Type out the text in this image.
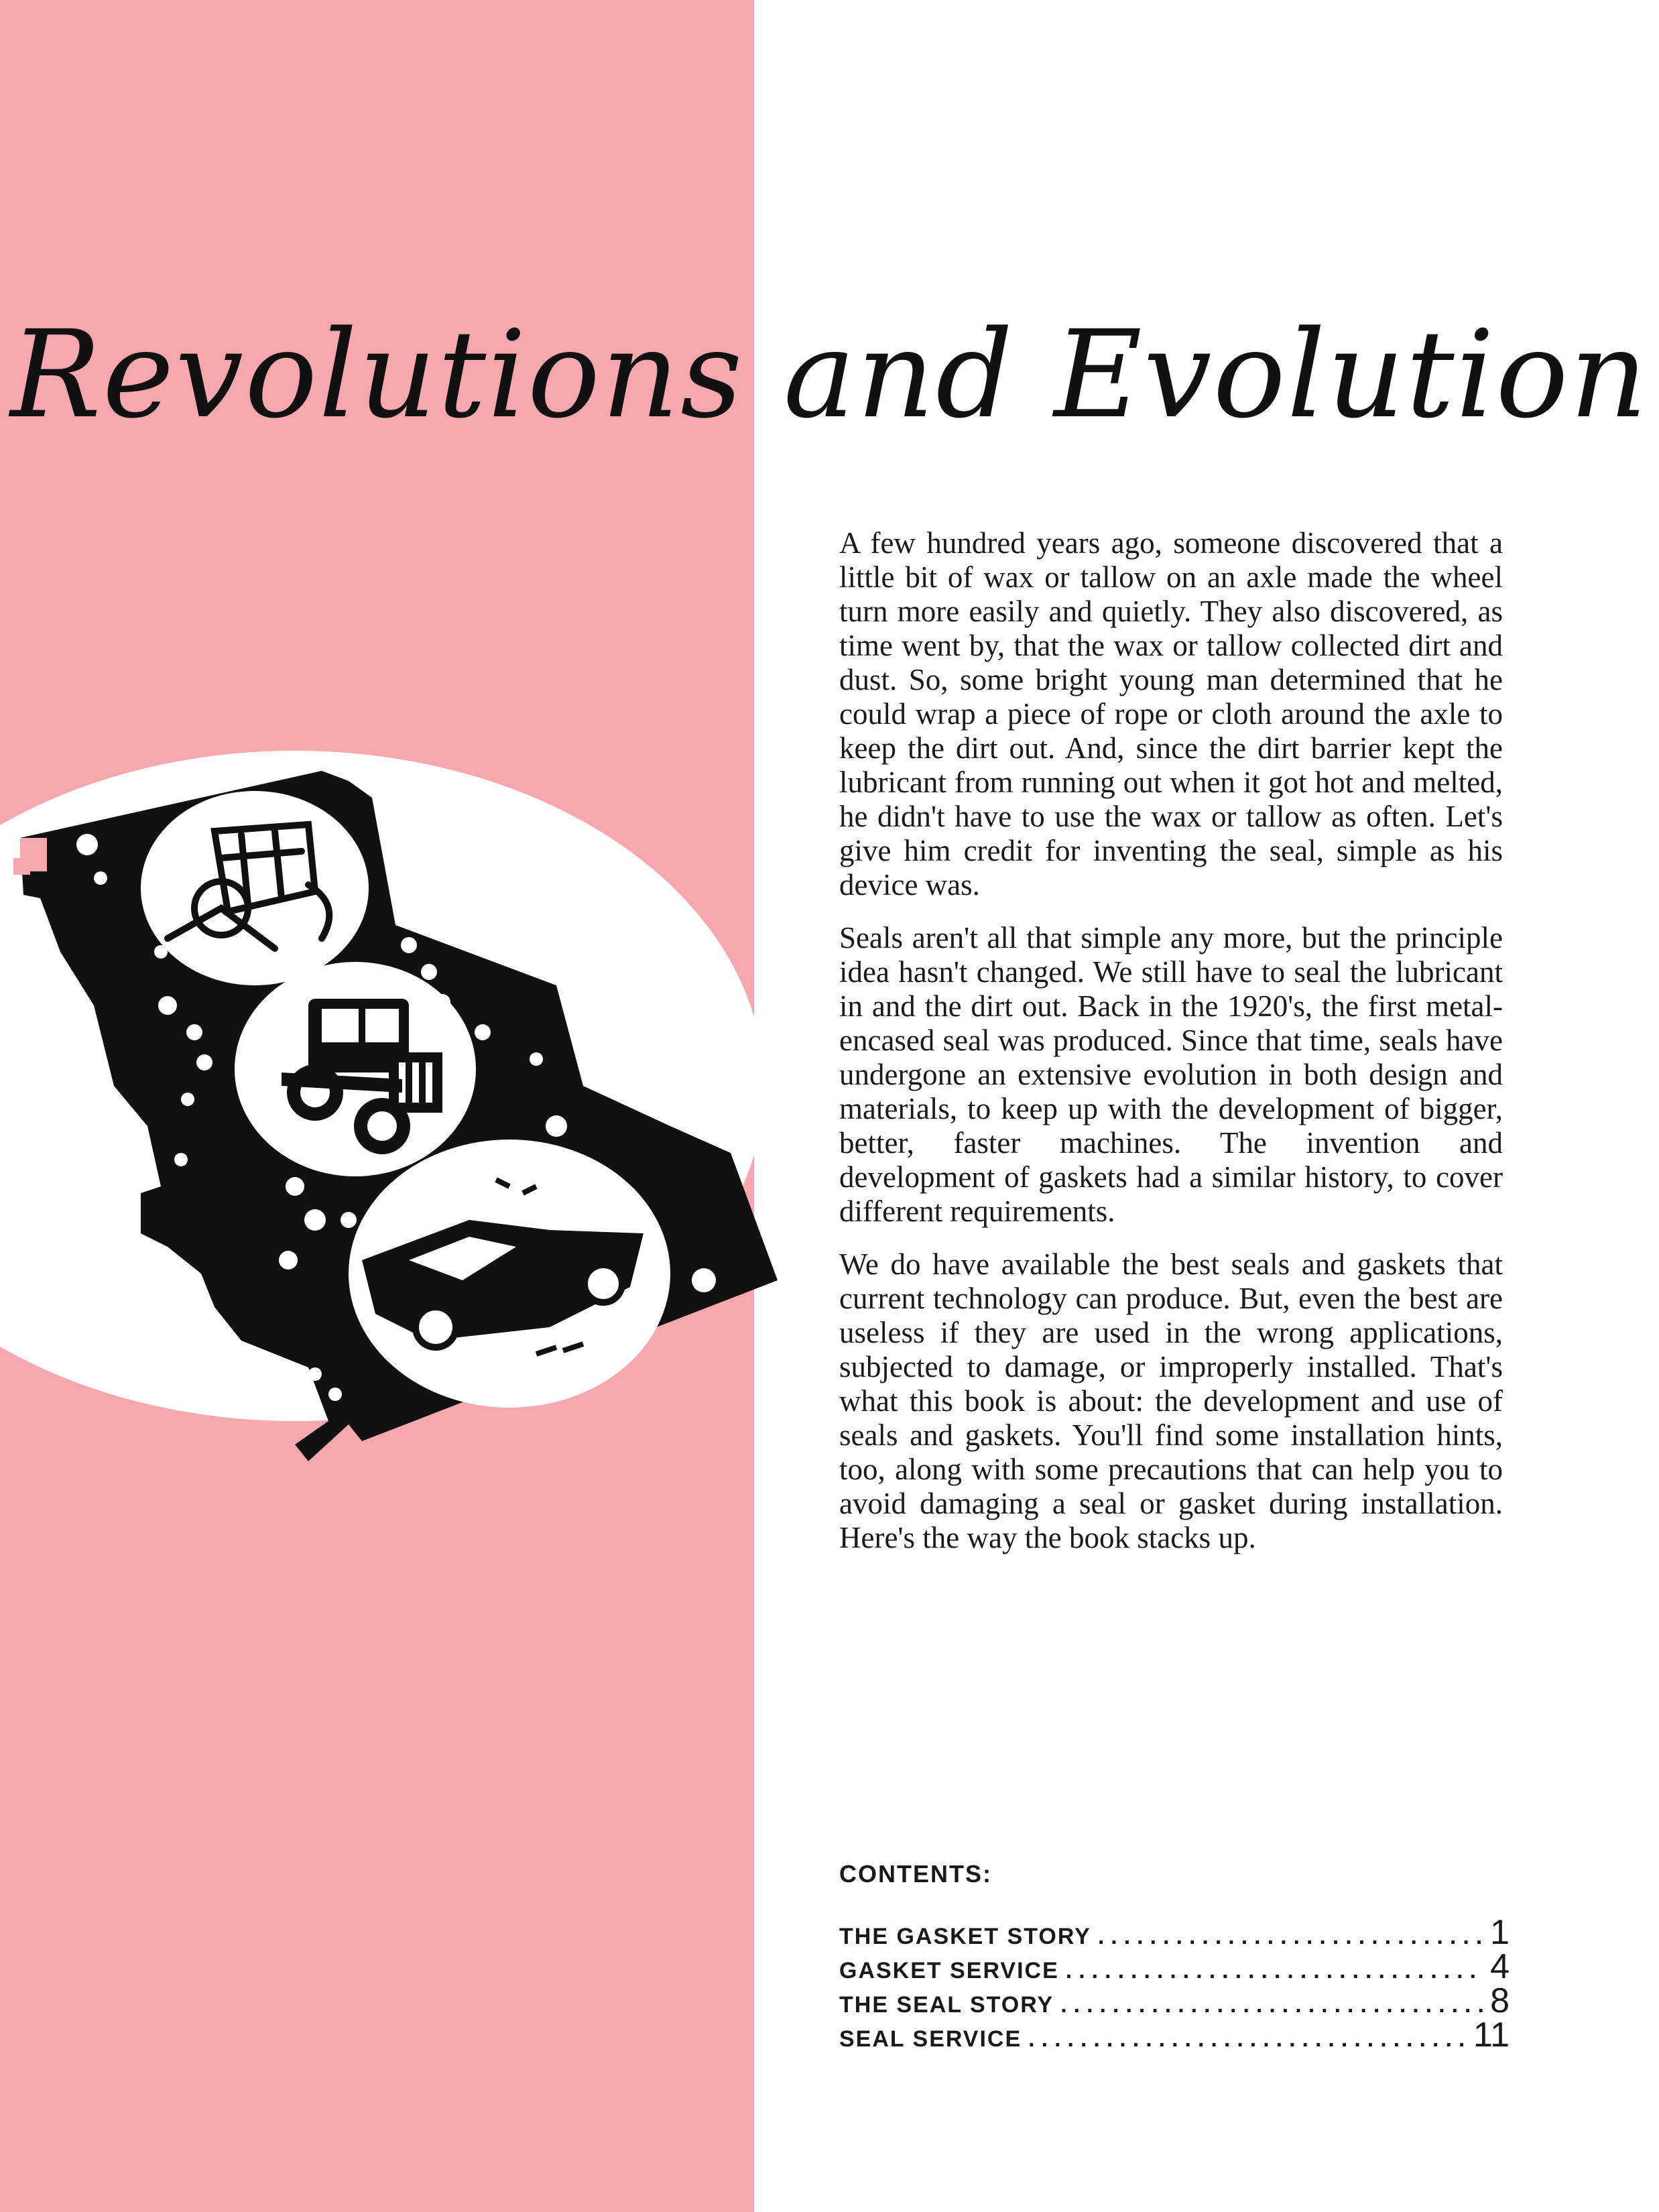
Revolutions and Evolution

A few hundred years ago, someone discovered that a little bit of wax or tallow on an axle made the wheel turn more easily and quietly. They also discovered, as time went by, that the wax or tallow collected dirt and dust. So, some bright young man determined that he could wrap a piece of rope or cloth around the axle to keep the dirt out. And, since the dirt barrier kept the lubricant from running out when it got hot and melted, he didn't have to use the wax or tallow as often. Let's give him credit for inventing the seal, simple as his device was.

Seals aren't all that simple any more, but the principle idea hasn't changed. We still have to seal the lubricant in and the dirt out. Back in the 1920's, the first metal-encased seal was produced. Since that time, seals have undergone an extensive evolution in both design and materials, to keep up with the development of bigger, better, faster machines. The invention and development of gaskets had a similar history, to cover different requirements.

We do have available the best seals and gaskets that current technology can produce. But, even the best are useless if they are used in the wrong applications, subjected to damage, or improperly installed. That's what this book is about: the development and use of seals and gaskets. You'll find some installation hints, too, along with some precautions that can help you to avoid damaging a seal or gasket during installation. Here's the way the book stacks up.

CONTENTS:
THE GASKET STORY .....	1
GASKET SERVICE .....	4
THE SEAL STORY .....	8
SEAL SERVICE .....	11
